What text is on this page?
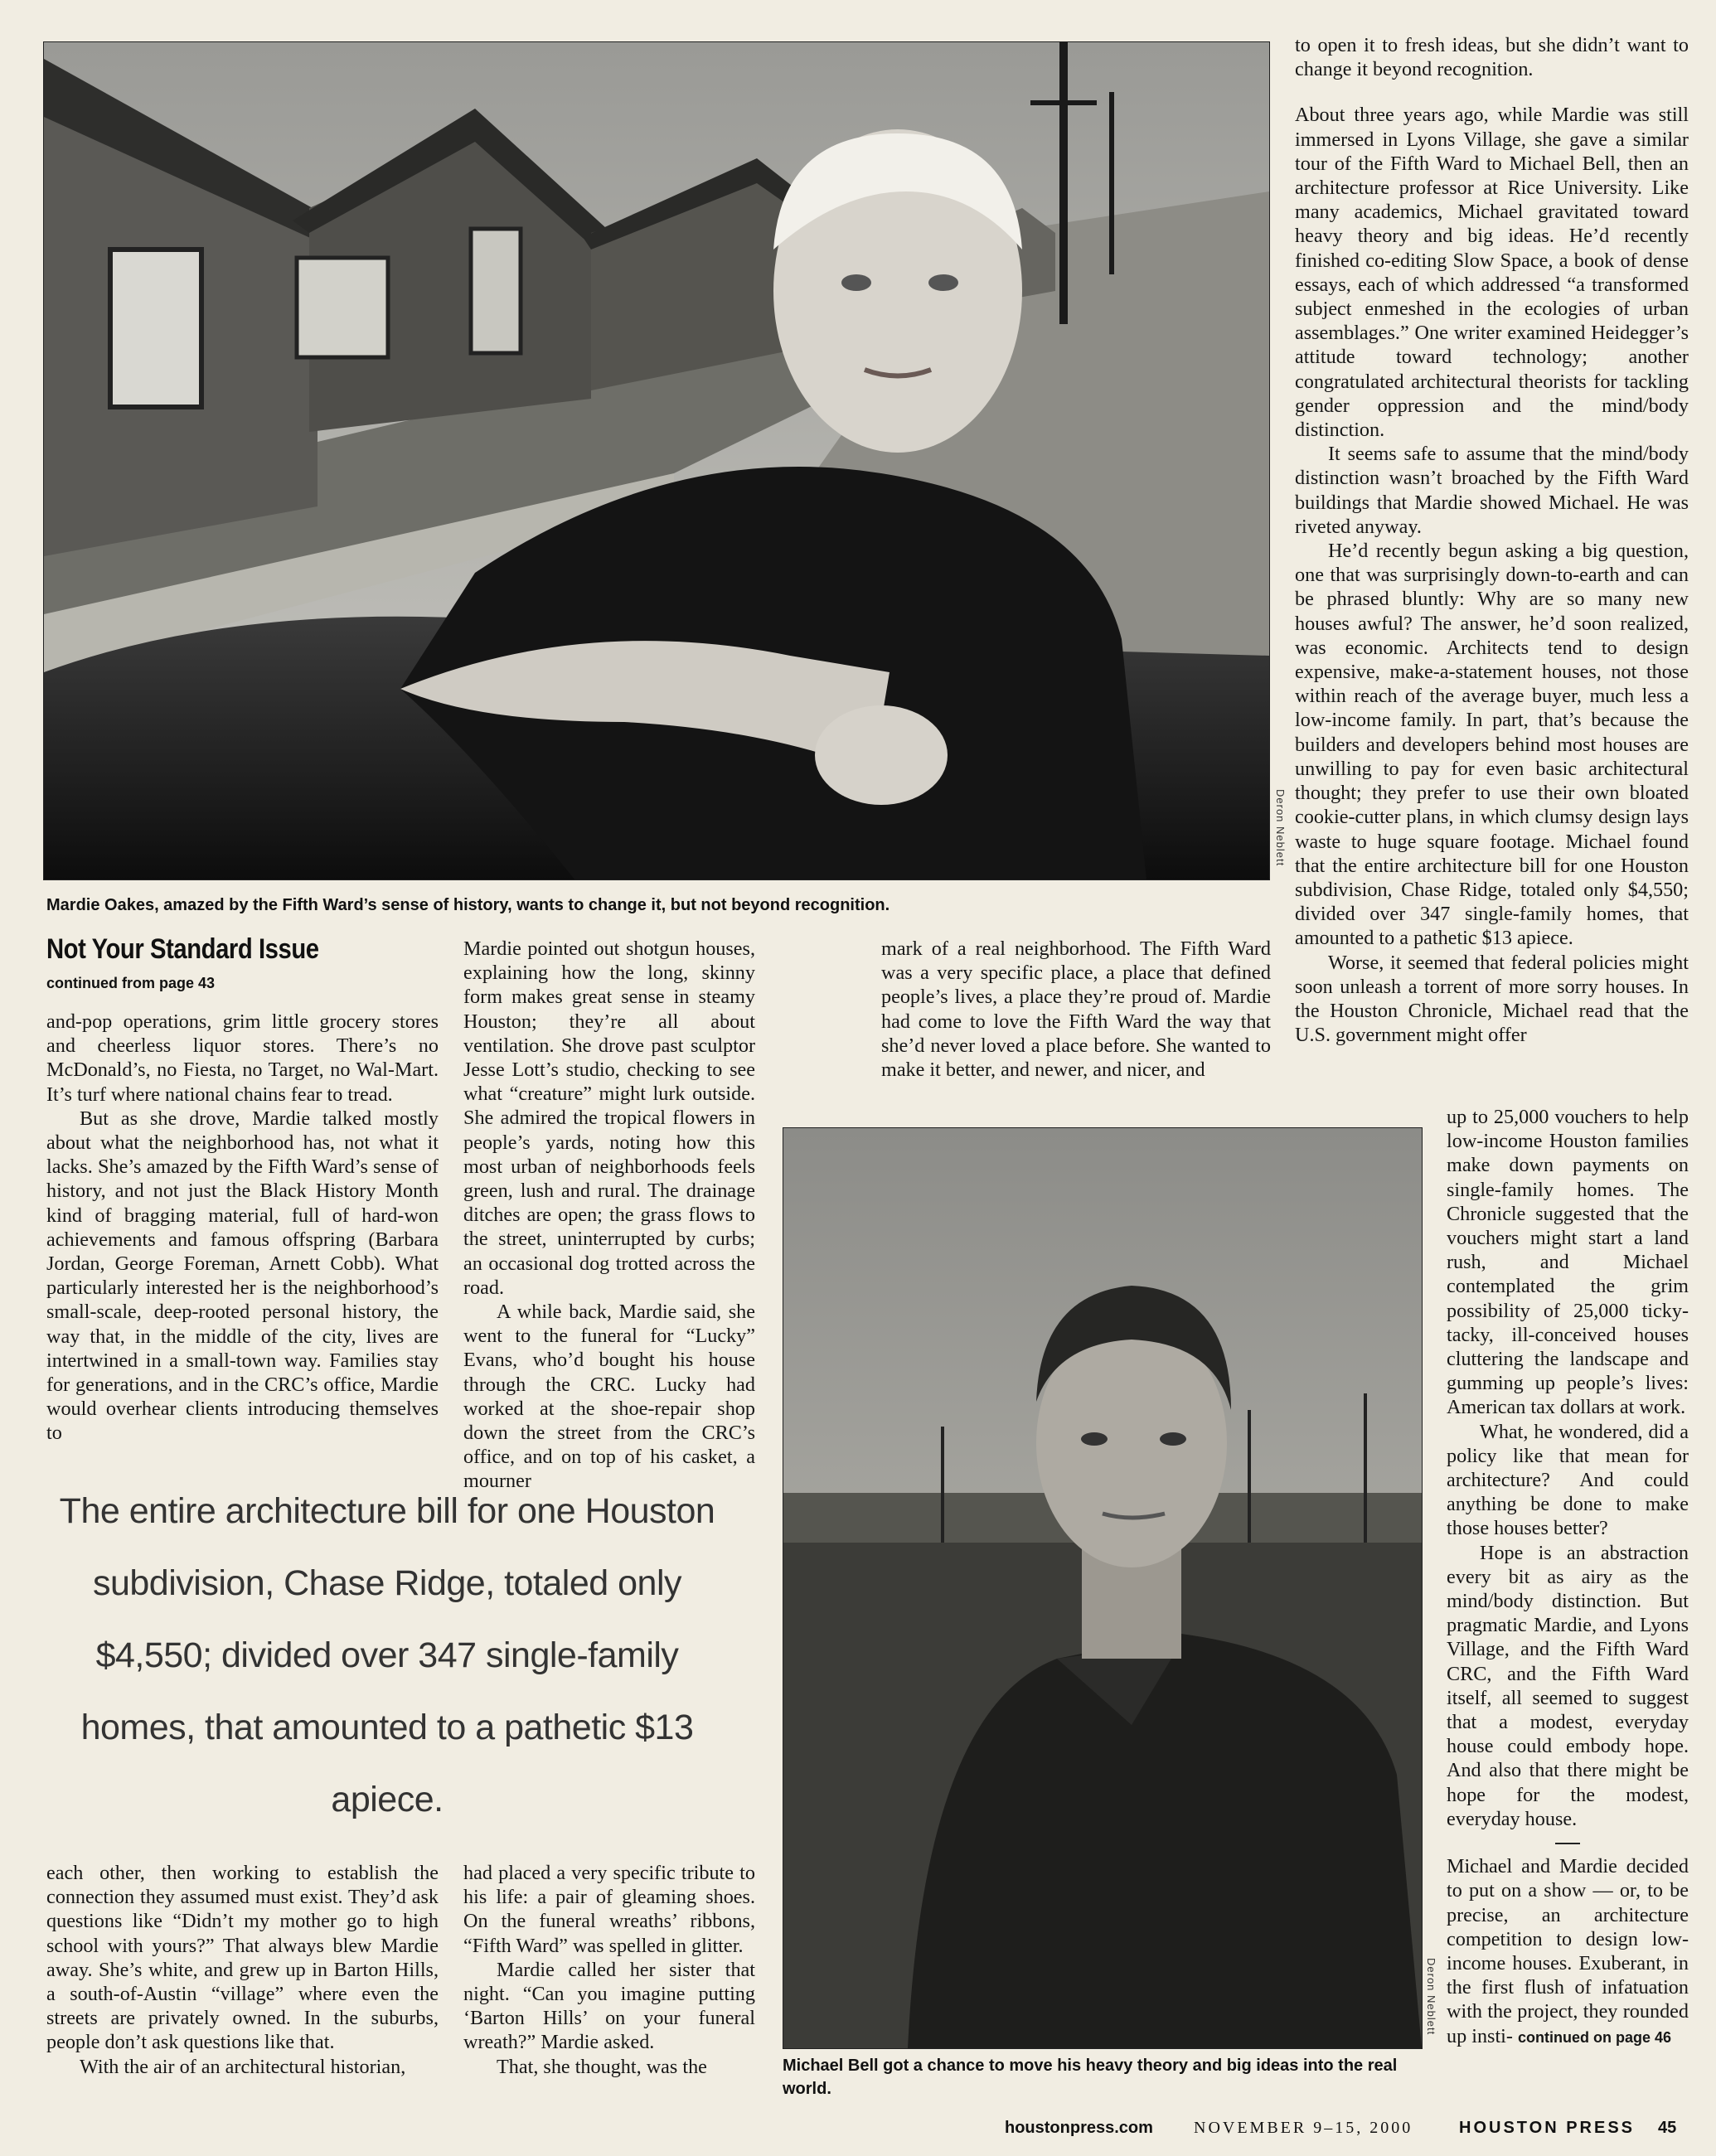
Deron Neblett
Mardie Oakes, amazed by the Fifth Ward’s sense of history, wants to change it, but not beyond recognition.
Not Your Standard Issue
continued from page 43

and-pop operations, grim little grocery stores and cheerless liquor stores. There’s no McDonald’s, no Fiesta, no Target, no Wal-Mart. It’s turf where national chains fear to tread.

But as she drove, Mardie talked mostly about what the neighborhood has, not what it lacks. She’s amazed by the Fifth Ward’s sense of history, and not just the Black History Month kind of bragging material, full of hard-won achievements and famous offspring (Barbara Jordan, George Foreman, Arnett Cobb). What particularly interested her is the neighborhood’s small-scale, deep-rooted personal history, the way that, in the middle of the city, lives are intertwined in a small-town way. Families stay for generations, and in the CRC’s office, Mardie would overhear clients introducing themselves to

Mardie pointed out shotgun houses, explaining how the long, skinny form makes great sense in steamy Houston; they’re all about ventilation. She drove past sculptor Jesse Lott’s studio, checking to see what “creature” might lurk outside. She admired the tropical flowers in people’s yards, noting how this most urban of neighborhoods feels green, lush and rural. The drainage ditches are open; the grass flows to the street, uninterrupted by curbs; an occasional dog trotted across the road.

A while back, Mardie said, she went to the funeral for “Lucky” Evans, who’d bought his house through the CRC. Lucky had worked at the shoe-repair shop down the street from the CRC’s office, and on top of his casket, a mourner

mark of a real neighborhood. The Fifth Ward was a very specific place, a place that defined people’s lives, a place they’re proud of. Mardie had come to love the Fifth Ward the way that she’d never loved a place before. She wanted to make it better, and newer, and nicer, and

The entire architecture bill for one Houston subdivision, Chase Ridge, totaled only $4,550; divided over 347 single-family homes, that amounted to a pathetic $13 apiece.

each other, then working to establish the connection they assumed must exist. They’d ask questions like “Didn’t my mother go to high school with yours?” That always blew Mardie away. She’s white, and grew up in Barton Hills, a south-of-Austin “village” where even the streets are privately owned. In the suburbs, people don’t ask questions like that.

With the air of an architectural historian,

had placed a very specific tribute to his life: a pair of gleaming shoes. On the funeral wreaths’ ribbons, “Fifth Ward” was spelled in glitter.

Mardie called her sister that night. “Can you imagine putting ‘Barton Hills’ on your funeral wreath?” Mardie asked.

That, she thought, was the

Deron Neblett
Michael Bell got a chance to move his heavy theory and big ideas into the real world.

to open it to fresh ideas, but she didn’t want to change it beyond recognition.

About three years ago, while Mardie was still immersed in Lyons Village, she gave a similar tour of the Fifth Ward to Michael Bell, then an architecture professor at Rice University. Like many academics, Michael gravitated toward heavy theory and big ideas. He’d recently finished co-editing Slow Space, a book of dense essays, each of which addressed “a transformed subject enmeshed in the ecologies of urban assemblages.” One writer examined Heidegger’s attitude toward technology; another congratulated architectural theorists for tackling gender oppression and the mind/body distinction.

It seems safe to assume that the mind/body distinction wasn’t broached by the Fifth Ward buildings that Mardie showed Michael. He was riveted anyway.

He’d recently begun asking a big question, one that was surprisingly down-to-earth and can be phrased bluntly: Why are so many new houses awful? The answer, he’d soon realized, was economic. Architects tend to design expensive, make-a-statement houses, not those within reach of the average buyer, much less a low-income family. In part, that’s because the builders and developers behind most houses are unwilling to pay for even basic architectural thought; they prefer to use their own bloated cookie-cutter plans, in which clumsy design lays waste to huge square footage. Michael found that the entire architecture bill for one Houston subdivision, Chase Ridge, totaled only $4,550; divided over 347 single-family homes, that amounted to a pathetic $13 apiece.

Worse, it seemed that federal policies might soon unleash a torrent of more sorry houses. In the Houston Chronicle, Michael read that the U.S. government might offer

up to 25,000 vouchers to help low-income Houston families make down payments on single-family homes. The Chronicle suggested that the vouchers might start a land rush, and Michael contemplated the grim possibility of 25,000 ticky-tacky, ill-conceived houses cluttering the landscape and gumming up people’s lives: American tax dollars at work.

What, he wondered, did a policy like that mean for architecture? And could anything be done to make those houses better?

Hope is an abstraction every bit as airy as the mind/body distinction. But pragmatic Mardie, and Lyons Village, and the Fifth Ward CRC, and the Fifth Ward itself, all seemed to suggest that a modest, everyday house could embody hope. And also that there might be hope for the modest, everyday house.

Michael and Mardie decided to put on a show — or, to be precise, an architecture competition to design low-income houses. Exuberant, in the first flush of infatuation with the project, they rounded up insti- continued on page 46

houstonpress.com NOVEMBER 9–15, 2000	HOUSTON PRESS 45
